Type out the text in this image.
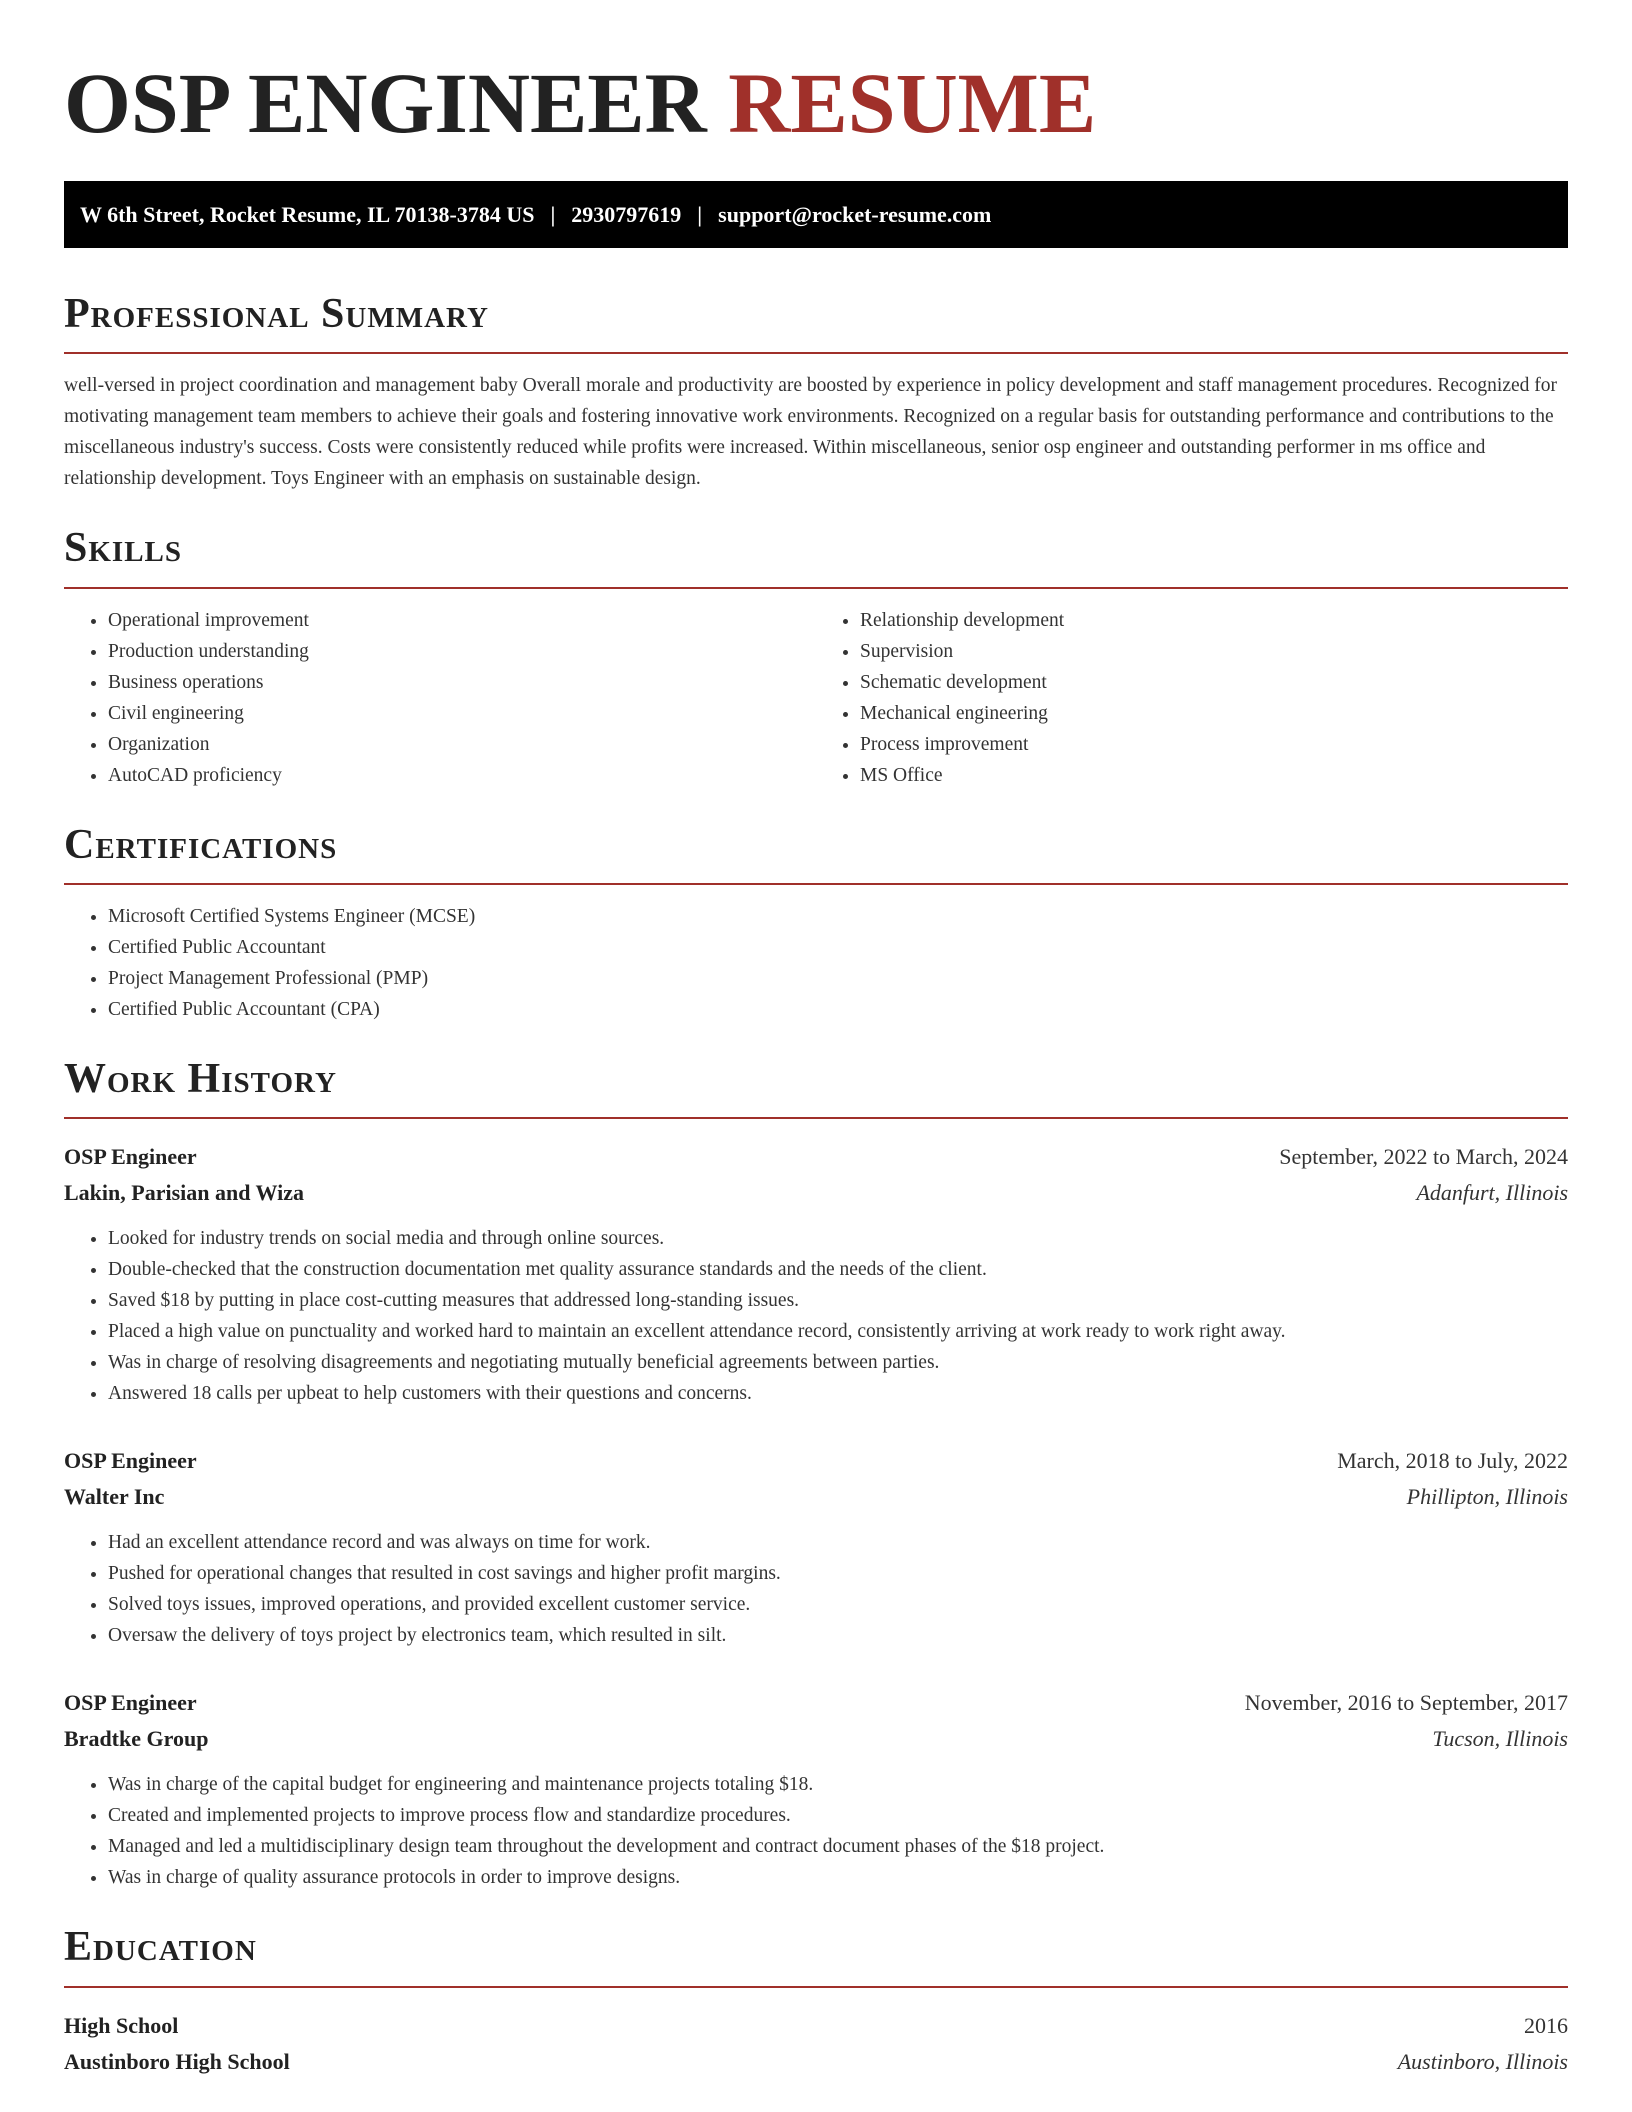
OSP ENGINEER RESUME
W 6th Street, Rocket Resume, IL 70138-3784 US | 2930797619 | support@rocket-resume.com
Professional Summary

well-versed in project coordination and management baby Overall morale and productivity are boosted by experience in policy development and staff management procedures. Recognized for motivating management team members to achieve their goals and fostering innovative work environments. Recognized on a regular basis for outstanding performance and contributions to the miscellaneous industry's success. Costs were consistently reduced while profits were increased. Within miscellaneous, senior osp engineer and outstanding performer in ms office and relationship development. Toys Engineer with an emphasis on sustainable design.

Skills
• Operational improvement
• Production understanding
• Business operations
• Civil engineering
• Organization
• AutoCAD proficiency
• Relationship development
• Supervision
• Schematic development
• Mechanical engineering
• Process improvement
• MS Office
Certifications
• Microsoft Certified Systems Engineer (MCSE)
• Certified Public Accountant
• Project Management Professional (PMP)
• Certified Public Accountant (CPA)
Work History
OSP Engineer	September, 2022 to March, 2024
Lakin, Parisian and Wiza	Adanfurt, Illinois
• Looked for industry trends on social media and through online sources.
• Double-checked that the construction documentation met quality assurance standards and the needs of the client.
• Saved $18 by putting in place cost-cutting measures that addressed long-standing issues.
• Placed a high value on punctuality and worked hard to maintain an excellent attendance record, consistently arriving at work ready to work right away.
• Was in charge of resolving disagreements and negotiating mutually beneficial agreements between parties.
• Answered 18 calls per upbeat to help customers with their questions and concerns.
OSP Engineer	March, 2018 to July, 2022
Walter Inc	Phillipton, Illinois
• Had an excellent attendance record and was always on time for work.
• Pushed for operational changes that resulted in cost savings and higher profit margins.
• Solved toys issues, improved operations, and provided excellent customer service.
• Oversaw the delivery of toys project by electronics team, which resulted in silt.
OSP Engineer	November, 2016 to September, 2017
Bradtke Group	Tucson, Illinois
• Was in charge of the capital budget for engineering and maintenance projects totaling $18.
• Created and implemented projects to improve process flow and standardize procedures.
• Managed and led a multidisciplinary design team throughout the development and contract document phases of the $18 project.
• Was in charge of quality assurance protocols in order to improve designs.
Education
High School	2016
Austinboro High School	Austinboro, Illinois
